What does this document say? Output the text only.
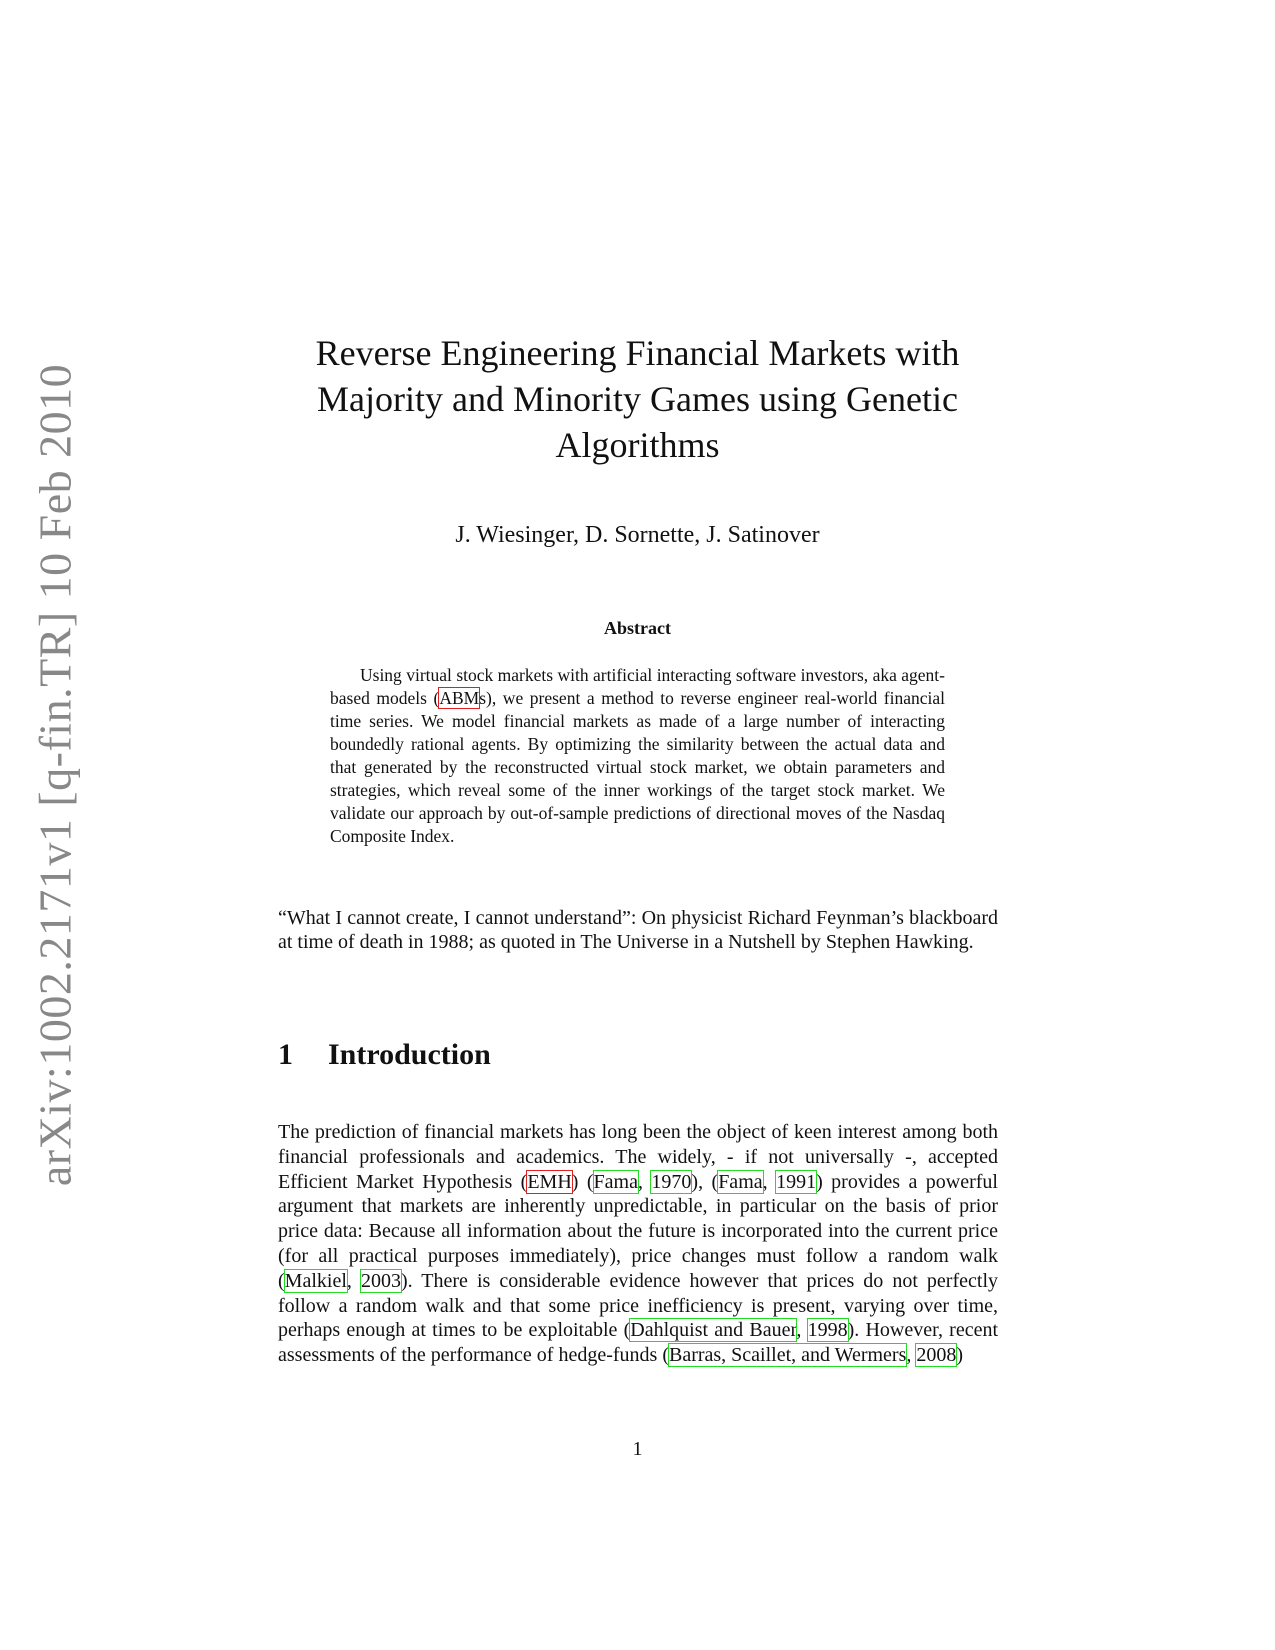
arXiv:1002.2171v1 [q-fin.TR] 10 Feb 2010
Reverse Engineering Financial Markets with
Majority and Minority Games using Genetic
Algorithms
J. Wiesinger, D. Sornette, J. Satinover
Abstract
Using virtual stock markets with artificial interacting software investors, aka agent-based models (ABMs), we present a method to reverse engineer real-world financial time series. We model financial markets as made of a large number of interacting boundedly rational agents. By optimizing the similarity between the actual data and that generated by the reconstructed virtual stock market, we obtain parameters and strategies, which reveal some of the inner workings of the target stock market. We validate our approach by out-of-sample predictions of directional moves of the Nasdaq Composite Index.
“What I cannot create, I cannot understand”: On physicist Richard Feynman’s blackboard at time of death in 1988; as quoted in The Universe in a Nutshell by Stephen Hawking.
1 Introduction
The prediction of financial markets has long been the object of keen interest among both financial professionals and academics. The widely, - if not universally -, accepted Efficient Market Hypothesis (EMH) (Fama, 1970), (Fama, 1991) provides a powerful argument that markets are inherently unpredictable, in particular on the basis of prior price data: Because all information about the future is incorporated into the current price (for all practical purposes immediately), price changes must follow a random walk (Malkiel, 2003). There is considerable evidence however that prices do not perfectly follow a random walk and that some price inefficiency is present, varying over time, perhaps enough at times to be exploitable (Dahlquist and Bauer, 1998). However, recent assessments of the performance of hedge-funds (Barras, Scaillet, and Wermers, 2008)
1
